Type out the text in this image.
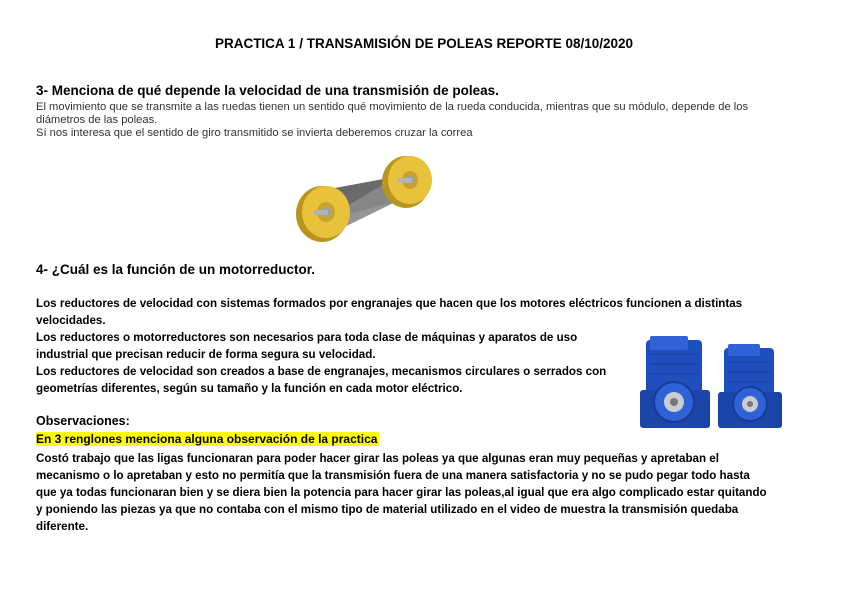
PRACTICA 1 / TRANSAMISIÓN DE POLEAS REPORTE 08/10/2020
3- Menciona de qué depende la velocidad de una transmisión de poleas.
El movimiento que se transmite a las ruedas tienen un sentido qué movimiento de la rueda conducida, mientras que su módulo, depende de los
diámetros de las poleas.
Sí nos interesa que el sentido de giro transmitido se invierta deberemos cruzar la correa
4- ¿Cuál es la función de un motorreductor.
Los reductores de velocidad con sistemas formados por engranajes que hacen que los motores eléctricos funcionen a distintas
velocidades.
Los reductores o motorreductores son necesarios para toda clase de máquinas y aparatos de uso
industrial que precisan reducir de forma segura su velocidad.
Los reductores de velocidad son creados a base de engranajes, mecanismos circulares o serrados con
geometrías diferentes, según su tamaño y la función en cada motor eléctrico.
Observaciones:
En 3 renglones menciona alguna observación de la practica
Costó trabajo que las ligas funcionaran para poder hacer girar las poleas ya que algunas eran muy pequeñas y apretaban el
mecanismo o lo apretaban y esto no permitía que la transmisión fuera de una manera satisfactoria y no se pudo pegar todo hasta
que ya todas funcionaran bien y se diera bien la potencia para hacer girar las poleas,al igual que era algo complicado estar quitando
y poniendo las piezas ya que no contaba con el mismo tipo de material utilizado en el video de muestra la transmisión quedaba
diferente.
